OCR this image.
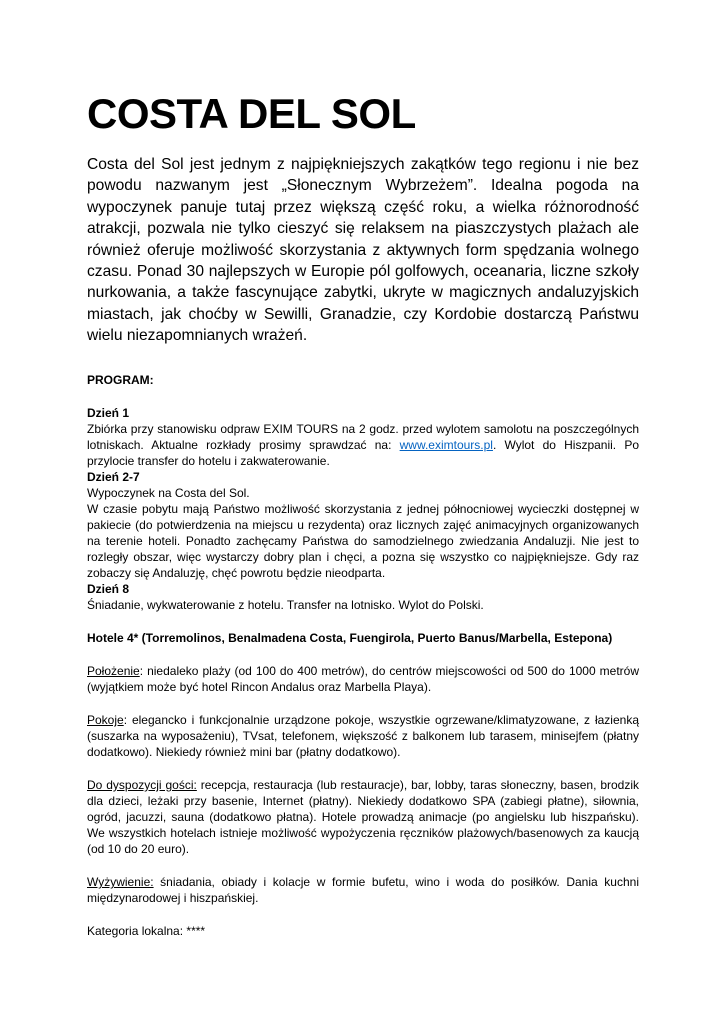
COSTA DEL SOL

Costa del Sol jest jednym z najpiękniejszych zakątków tego regionu i nie bez powodu nazwanym jest „Słonecznym Wybrzeżem”. Idealna pogoda na wypoczynek panuje tutaj przez większą część roku, a wielka różnorodność atrakcji, pozwala nie tylko cieszyć się relaksem na piaszczystych plażach ale również oferuje możliwość skorzystania z aktywnych form spędzania wolnego czasu. Ponad 30 najlepszych w Europie pól golfowych, oceanaria, liczne szkoły nurkowania, a także fascynujące zabytki, ukryte w magicznych andaluzyjskich miastach, jak choćby w Sewilli, Granadzie, czy Kordobie dostarczą Państwu wielu niezapomnianych wrażeń.

PROGRAM:

Dzień 1

Zbiórka przy stanowisku odpraw EXIM TOURS na 2 godz. przed wylotem samolotu na poszczególnych lotniskach. Aktualne rozkłady prosimy sprawdzać na: www.eximtours.pl. Wylot do Hiszpanii. Po przylocie transfer do hotelu i zakwaterowanie.

Dzień 2-7

Wypoczynek na Costa del Sol.

W czasie pobytu mają Państwo możliwość skorzystania z jednej północniowej wycieczki dostępnej w pakiecie (do potwierdzenia na miejscu u rezydenta) oraz licznych zajęć animacyjnych organizowanych na terenie hoteli. Ponadto zachęcamy Państwa do samodzielnego zwiedzania Andaluzji. Nie jest to rozległy obszar, więc wystarczy dobry plan i chęci, a pozna się wszystko co najpiękniejsze. Gdy raz zobaczy się Andaluzję, chęć powrotu będzie nieodparta.

Dzień 8

Śniadanie, wykwaterowanie z hotelu. Transfer na lotnisko. Wylot do Polski.

Hotele 4* (Torremolinos, Benalmadena Costa, Fuengirola, Puerto Banus/Marbella, Estepona)

Położenie: niedaleko plaży (od 100 do 400 metrów), do centrów miejscowości od 500 do 1000 metrów (wyjątkiem może być hotel Rincon Andalus oraz Marbella Playa).

Pokoje: elegancko i funkcjonalnie urządzone pokoje, wszystkie ogrzewane/klimatyzowane, z łazienką (suszarka na wyposażeniu), TVsat, telefonem, większość z balkonem lub tarasem, minisejfem (płatny dodatkowo). Niekiedy również mini bar (płatny dodatkowo).

Do dyspozycji gości: recepcja, restauracja (lub restauracje), bar, lobby, taras słoneczny, basen, brodzik dla dzieci, leżaki przy basenie, Internet (płatny). Niekiedy dodatkowo SPA (zabiegi płatne), siłownia, ogród, jacuzzi, sauna (dodatkowo płatna). Hotele prowadzą animacje (po angielsku lub hiszpańsku). We wszystkich hotelach istnieje możliwość wypożyczenia ręczników plażowych/basenowych za kaucją (od 10 do 20 euro).

Wyżywienie: śniadania, obiady i kolacje w formie bufetu, wino i woda do posiłków. Dania kuchni międzynarodowej i hiszpańskiej.

Kategoria lokalna: ****
